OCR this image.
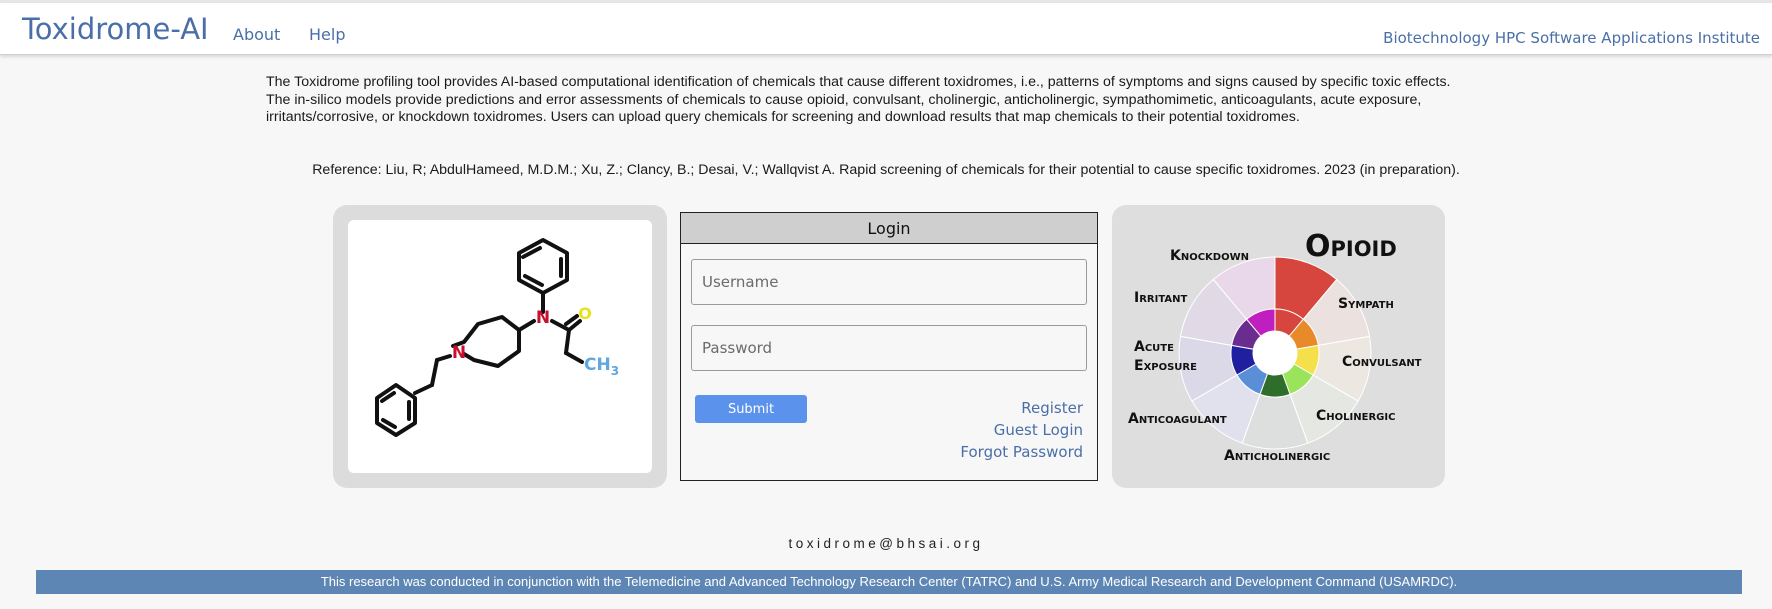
Toxidrome-AI About Help	Biotechnology HPC Software Applications Institute

The Toxidrome profiling tool provides AI-based computational identification of chemicals that cause different toxidromes, i.e., patterns of symptoms and signs caused by specific toxic effects. The in-silico models provide predictions and error assessments of chemicals to cause opioid, convulsant, cholinergic, anticholinergic, sympathomimetic, anticoagulants, acute exposure, irritants/corrosive, or knockdown toxidromes. Users can upload query chemicals for screening and download results that map chemicals to their potential toxidromes.

Reference: Liu, R; AbdulHameed, M.D.M.; Xu, Z.; Clancy, B.; Desai, V.; Wallqvist A. Rapid screening of chemicals for their potential to cause specific toxidromes. 2023 (in preparation).

N
N
O
$CH_3$
Login
Username
Submit	Register
Guest Login
Forgot Password
Opioid
Knockdown
Irritant
Acute
Exposure
Anticoagulant
Anticholinergic
Cholinergic
Convulsant
Sympath
toxidrome@bhsai.org
This research was conducted in conjunction with the Telemedicine and Advanced Technology Research Center (TATRC) and U.S. Army Medical Research and Development Command (USAMRDC).
